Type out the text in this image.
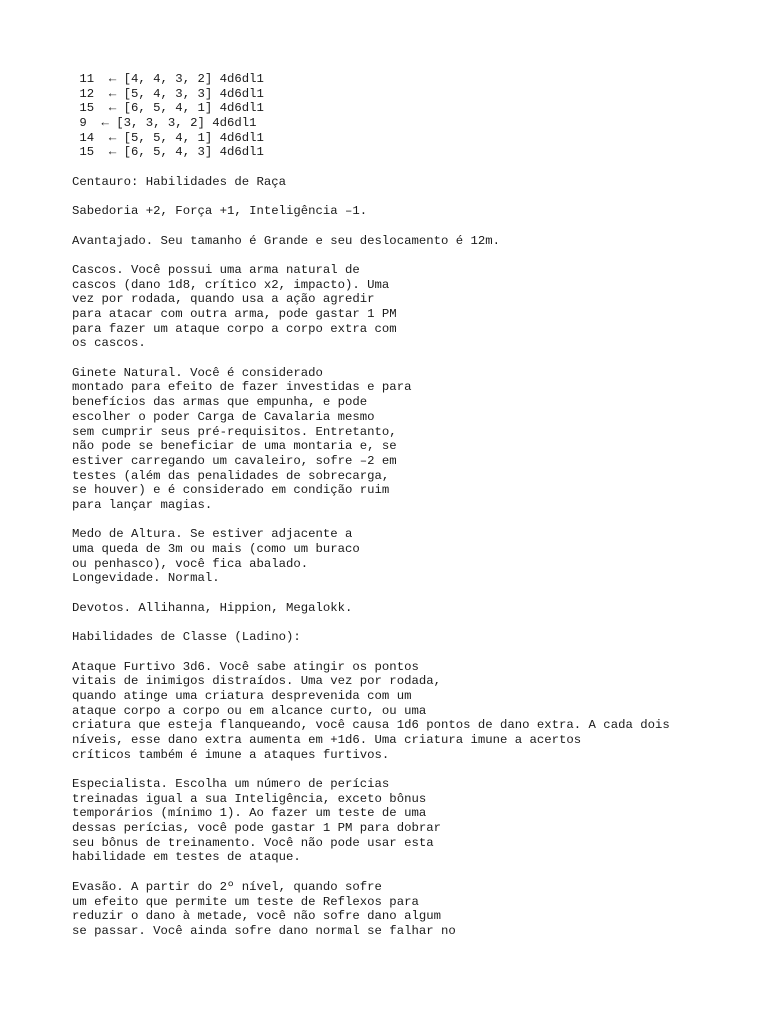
11  ← [4, 4, 3, 2] 4d6dl1
12  ← [5, 4, 3, 3] 4d6dl1
15  ← [6, 5, 4, 1] 4d6dl1
9  ← [3, 3, 3, 2] 4d6dl1
14  ← [5, 5, 4, 1] 4d6dl1
15  ← [6, 5, 4, 3] 4d6dl1
Centauro: Habilidades de Raça
Sabedoria +2, Força +1, Inteligência –1.
Avantajado. Seu tamanho é Grande e seu deslocamento é 12m.
Cascos. Você possui uma arma natural de
cascos (dano 1d8, crítico x2, impacto). Uma
vez por rodada, quando usa a ação agredir
para atacar com outra arma, pode gastar 1 PM
para fazer um ataque corpo a corpo extra com
os cascos.
Ginete Natural. Você é considerado
montado para efeito de fazer investidas e para
benefícios das armas que empunha, e pode
escolher o poder Carga de Cavalaria mesmo
sem cumprir seus pré-requisitos. Entretanto,
não pode se beneficiar de uma montaria e, se
estiver carregando um cavaleiro, sofre –2 em
testes (além das penalidades de sobrecarga,
se houver) e é considerado em condição ruim
para lançar magias.
Medo de Altura. Se estiver adjacente a
uma queda de 3m ou mais (como um buraco
ou penhasco), você fica abalado.
Longevidade. Normal.
Devotos. Allihanna, Hippion, Megalokk.
Habilidades de Classe (Ladino):
Ataque Furtivo 3d6. Você sabe atingir os pontos
vitais de inimigos distraídos. Uma vez por rodada,
quando atinge uma criatura desprevenida com um
ataque corpo a corpo ou em alcance curto, ou uma
criatura que esteja flanqueando, você causa 1d6 pontos de dano extra. A cada dois
níveis, esse dano extra aumenta em +1d6. Uma criatura imune a acertos
críticos também é imune a ataques furtivos.
Especialista. Escolha um número de perícias
treinadas igual a sua Inteligência, exceto bônus
temporários (mínimo 1). Ao fazer um teste de uma
dessas perícias, você pode gastar 1 PM para dobrar
seu bônus de treinamento. Você não pode usar esta
habilidade em testes de ataque.
Evasão. A partir do 2º nível, quando sofre
um efeito que permite um teste de Reflexos para
reduzir o dano à metade, você não sofre dano algum
se passar. Você ainda sofre dano normal se falhar no
